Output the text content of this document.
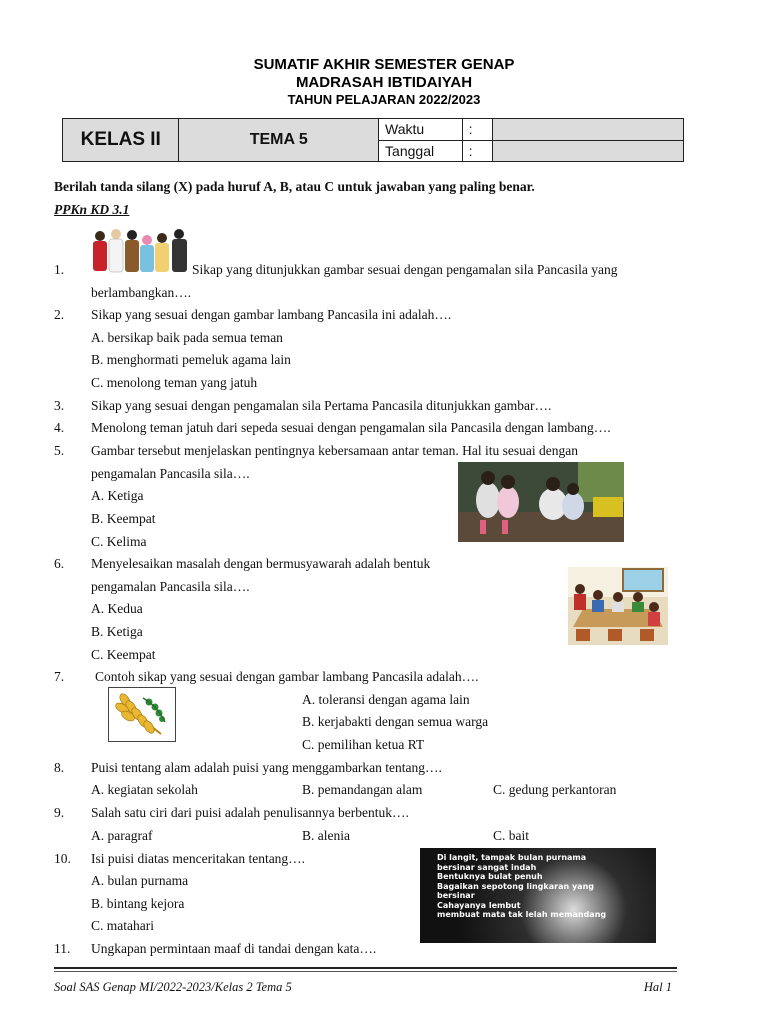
SUMATIF AKHIR SEMESTER GENAP
MADRASAH IBTIDAIYAH
TAHUN PELAJARAN 2022/2023
KELAS II	TEMA 5	Waktu	:	
		Tanggal	:	
Berilah tanda silang (X) pada huruf A, B, atau C untuk jawaban yang paling benar.
PPKn KD 3.1
1.	Sikap yang ditunjukkan gambar sesuai dengan pengamalan sila Pancasila yang
berlambangkan….
2. Sikap yang sesuai dengan gambar lambang Pancasila ini adalah….
A. bersikap baik pada semua teman
B. menghormati pemeluk agama lain
C. menolong teman yang jatuh
3. Sikap yang sesuai dengan pengamalan sila Pertama Pancasila ditunjukkan gambar….
4. Menolong teman jatuh dari sepeda sesuai dengan pengamalan sila Pancasila dengan lambang….
5. Gambar tersebut menjelaskan pentingnya kebersamaan antar teman. Hal itu sesuai dengan
pengamalan Pancasila sila….
A. Ketiga
B. Keempat
C. Kelima
6. Menyelesaikan masalah dengan bermusyawarah adalah bentuk
pengamalan Pancasila sila….
A. Kedua
B. Ketiga
C. Keempat
7. Contoh sikap yang sesuai dengan gambar lambang Pancasila adalah….
A. toleransi dengan agama lain
B. kerjabakti dengan semua warga
C. pemilihan ketua RT
8. Puisi tentang alam adalah puisi yang menggambarkan tentang….
A. kegiatan sekolah	B. pemandangan alam	C. gedung perkantoran
9. Salah satu ciri dari puisi adalah penulisannya berbentuk….
A. paragraf	B. alenia	C. bait
10. Isi puisi diatas menceritakan tentang….
A. bulan purnama
B. bintang kejora
C. matahari
Di langit, tampak bulan purnama
bersinar sangat indah
Bentuknya bulat penuh
Bagaikan sepotong lingkaran yang
bersinar
Cahayanya lembut
membuat mata tak lelah memandang
11. Ungkapan permintaan maaf di tandai dengan kata….
Soal SAS Genap MI/2022-2023/Kelas 2 Tema 5	Hal 1
